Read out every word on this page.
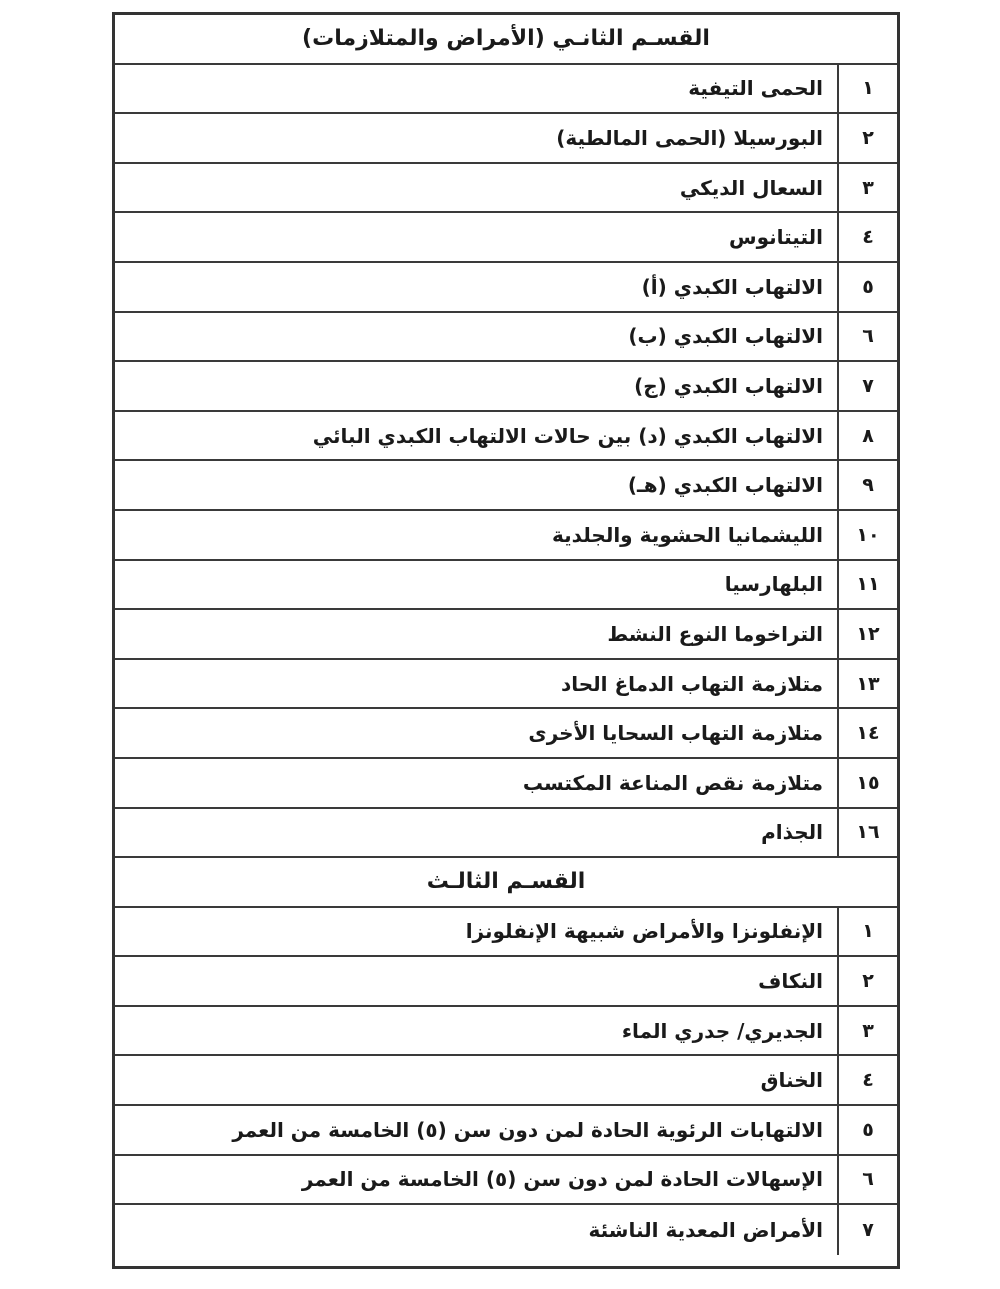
القسـم الثانـي (الأمراض والمتلازمات)
١
الحمى التيفية
٢
البورسيلا (الحمى المالطية)
٣
السعال الديكي
٤
التيتانوس
٥
الالتهاب الكبدي (أ)
٦
الالتهاب الكبدي (ب)
٧
الالتهاب الكبدي (ج)
٨
الالتهاب الكبدي (د) بين حالات الالتهاب الكبدي البائي
٩
الالتهاب الكبدي (هـ)
١٠
الليشمانيا الحشوية والجلدية
١١
البلهارسيا
١٢
التراخوما النوع النشط
١٣
متلازمة التهاب الدماغ الحاد
١٤
متلازمة التهاب السحايا الأخرى
١٥
متلازمة نقص المناعة المكتسب
١٦
الجذام
القسـم الثالـث
١
الإنفلونزا والأمراض شبيهة الإنفلونزا
٢
النكاف
٣
الجديري/ جدري الماء
٤
الخناق
٥
الالتهابات الرئوية الحادة لمن دون سن (٥) الخامسة من العمر
٦
الإسهالات الحادة لمن دون سن (٥) الخامسة من العمر
٧
الأمراض المعدية الناشئة
